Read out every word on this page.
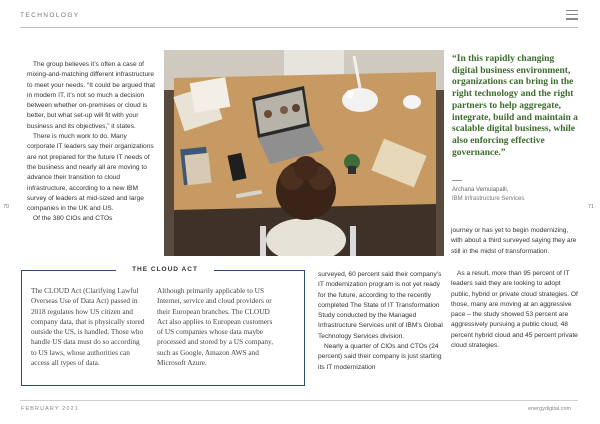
TECHNOLOGY

The group believes it’s often a case of mixing-and-matching different infrastructure to meet your needs. “It could be argued that in modern IT, it’s not so much a decision between whether on-premises or cloud is better, but what set-up will fit with your business and its objectives,” it states.

There is much work to do. Many corporate IT leaders say their organizations are not prepared for the future IT needs of the business and nearly all are moving to advance their transition to cloud infrastructure, according to a new IBM survey of leaders at mid-sized and large companies in the UK and US.

Of the 380 CIOs and CTOs

“In this rapidly changing digital business environment, organizations can bring in the right technology and the right partners to help aggregate, integrate, build and maintain a scalable digital business, while also enforcing effective governance.”
Archana Vemulapalli,
IBM Infrastructure Services
70	71

journey or has yet to begin modernizing, with about a third surveyed saying they are still in the midst of transformation.

THE CLOUD ACT
The CLOUD Act (Clarifying Lawful Overseas Use of Data Act) passed in 2018 regulates how US citizen and company data, that is physically stored outside the US, is handled. Those who handle US data must do so according to US laws, whose authorities can access all types of data.
Although primarily applicable to US Internet, service and cloud providers or their European branches. The CLOUD Act also applies to European customers of US companies whose data maybe processed and stored by a US company, such as Google, Amazon AWS and Microsoft Azure.

surveyed, 60 percent said their company’s IT modernization program is not yet ready for the future, according to the recently completed The State of IT Transformation Study conducted by the Managed Infrastructure Services unit of IBM’s Global Technology Services division.

Nearly a quarter of CIOs and CTOs (24 percent) said their company is just starting its IT modernization

As a result, more than 95 percent of IT leaders said they are looking to adopt public, hybrid or private cloud strategies. Of those, many are moving at an aggressive pace – the study showed 53 percent are aggressively pursuing a public cloud, 48 percent hybrid cloud and 45 percent private cloud strategies.

FEBRUARY 2021	energydigital.com
